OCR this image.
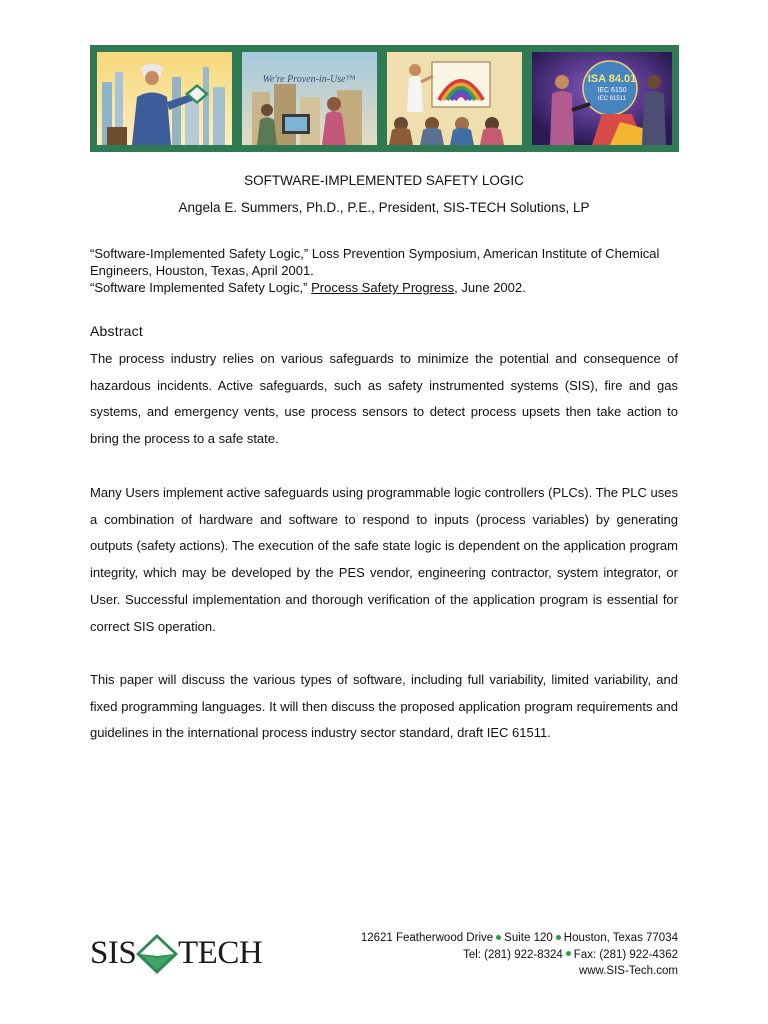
We're Proven-in-Use™	ISA 84.01
IEC 6150
IEC 61511
SOFTWARE-IMPLEMENTED SAFETY LOGIC
Angela E. Summers, Ph.D., P.E., President, SIS-TECH Solutions, LP
“Software-Implemented Safety Logic,” Loss Prevention Symposium, American Institute of Chemical
Engineers, Houston, Texas, April 2001.
“Software Implemented Safety Logic,” Process Safety Progress, June 2002.
Abstract
The process industry relies on various safeguards to minimize the potential and consequence of hazardous incidents. Active safeguards, such as safety instrumented systems (SIS), fire and gas systems, and emergency vents, use process sensors to detect process upsets then take action to bring the process to a safe state.
Many Users implement active safeguards using programmable logic controllers (PLCs). The PLC uses a combination of hardware and software to respond to inputs (process variables) by generating outputs (safety actions). The execution of the safe state logic is dependent on the application program integrity, which may be developed by the PES vendor, engineering contractor, system integrator, or User. Successful implementation and thorough verification of the application program is essential for correct SIS operation.
This paper will discuss the various types of software, including full variability, limited variability, and fixed programming languages. It will then discuss the proposed application program requirements and guidelines in the international process industry sector standard, draft IEC 61511.
SIS TECH	12621 Featherwood Drive Suite 120 Houston, Texas 77034
Tel: (281) 922-8324 Fax: (281) 922-4362
www.SIS-Tech.com
